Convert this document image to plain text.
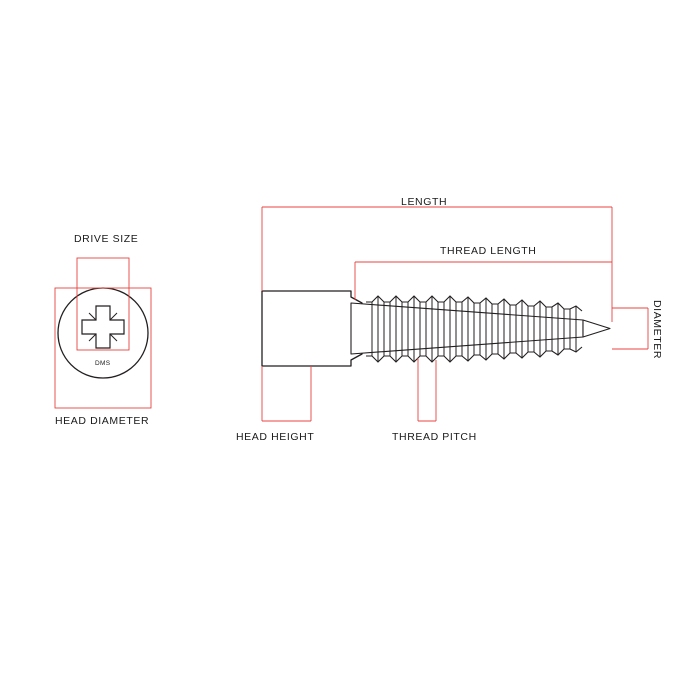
LENGTH
THREAD LENGTH
DIAMETER
DRIVE SIZE
HEAD DIAMETER
HEAD HEIGHT	THREAD PITCH
DMS
